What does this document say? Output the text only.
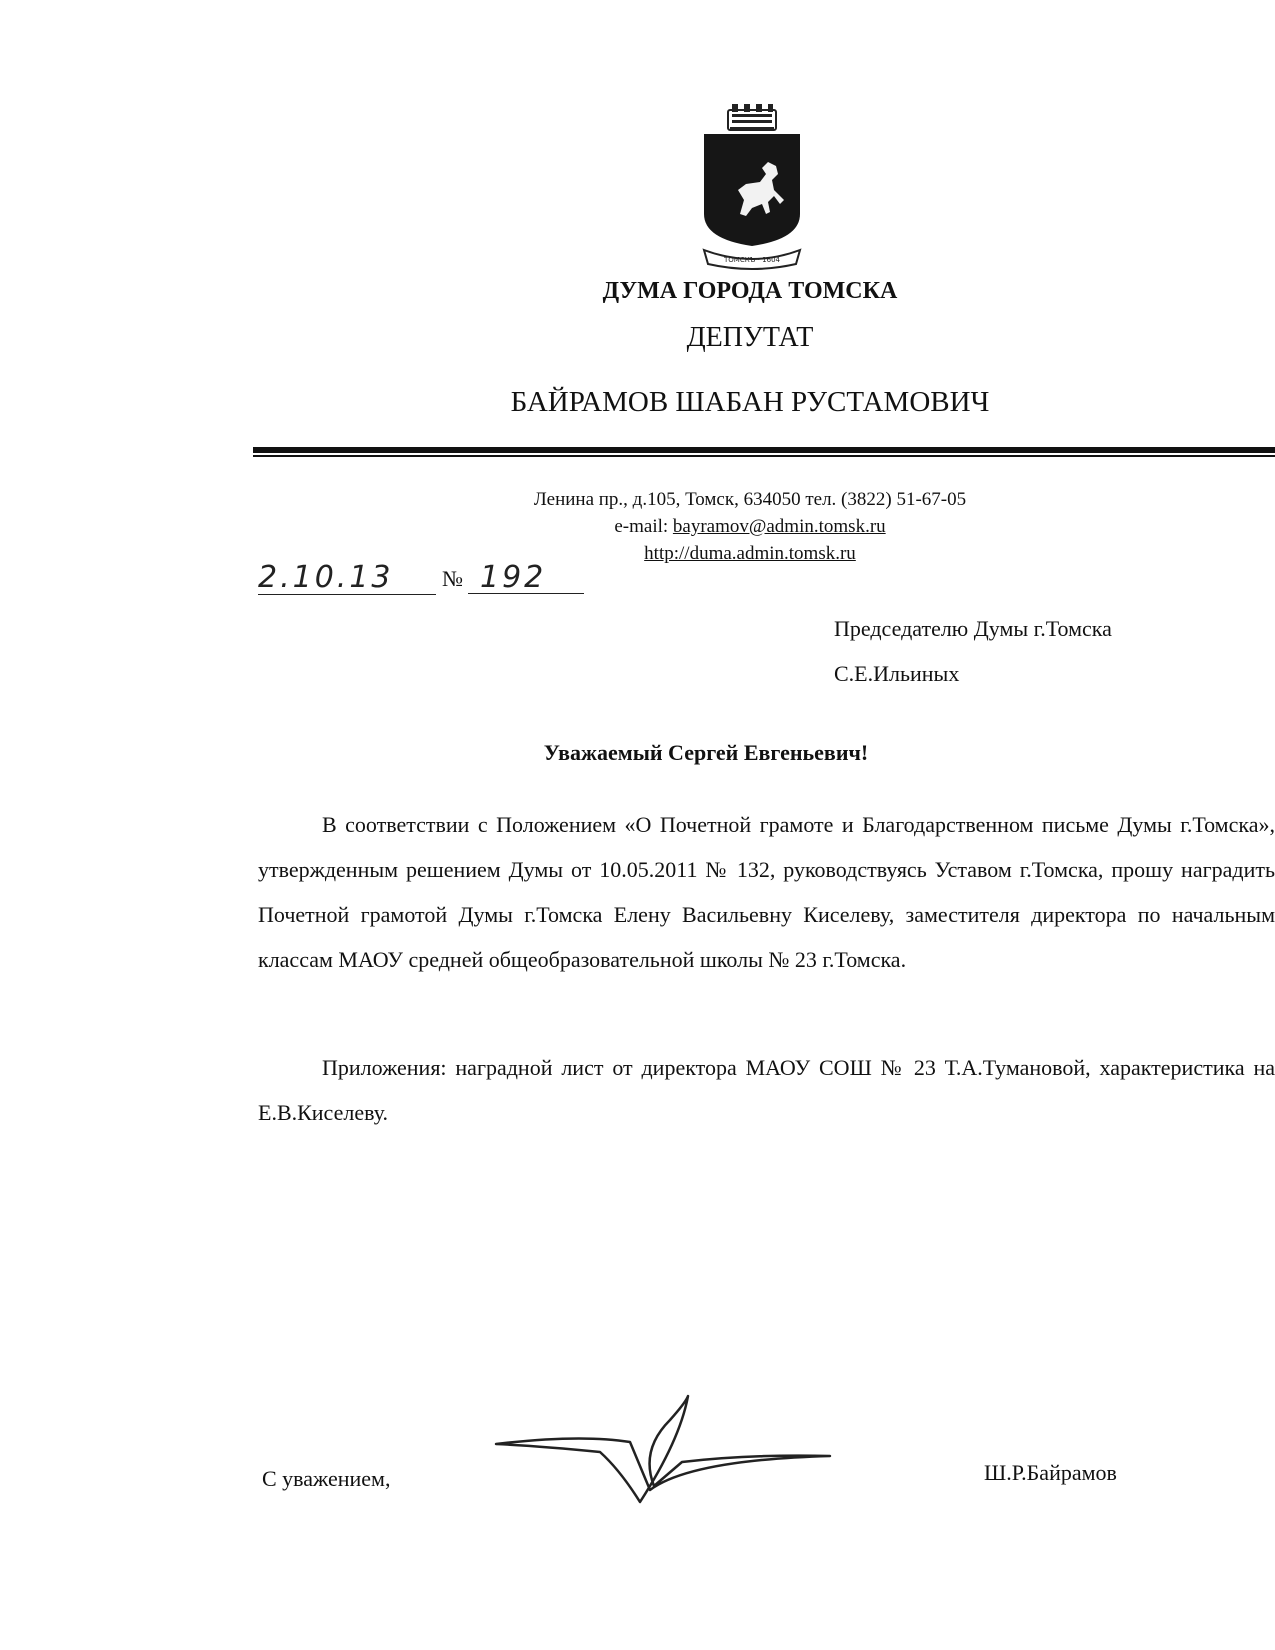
ТОМСКЪ · 1604
ДУМА ГОРОДА ТОМСКА
ДЕПУТАТ
БАЙРАМОВ ШАБАН РУСТАМОВИЧ
Ленина пр., д.105, Томск, 634050 тел. (3822) 51-67-05
e-mail: bayramov@admin.tomsk.ru
http://duma.admin.tomsk.ru
2.10.13	№ 192
Председателю Думы г.Томска
С.Е.Ильиных
Уважаемый Сергей Евгеньевич!

В соответствии с Положением «О Почетной грамоте и Благодарственном письме Думы г.Томска», утвержденным решением Думы от 10.05.2011 № 132, руководствуясь Уставом г.Томска, прошу наградить Почетной грамотой Думы г.Томска Елену Васильевну Киселеву, заместителя директора по начальным классам МАОУ средней общеобразовательной школы № 23 г.Томска.

Приложения: наградной лист от директора МАОУ СОШ № 23 Т.А.Тумановой, характеристика на Е.В.Киселеву.

С уважением,	Ш.Р.Байрамов
